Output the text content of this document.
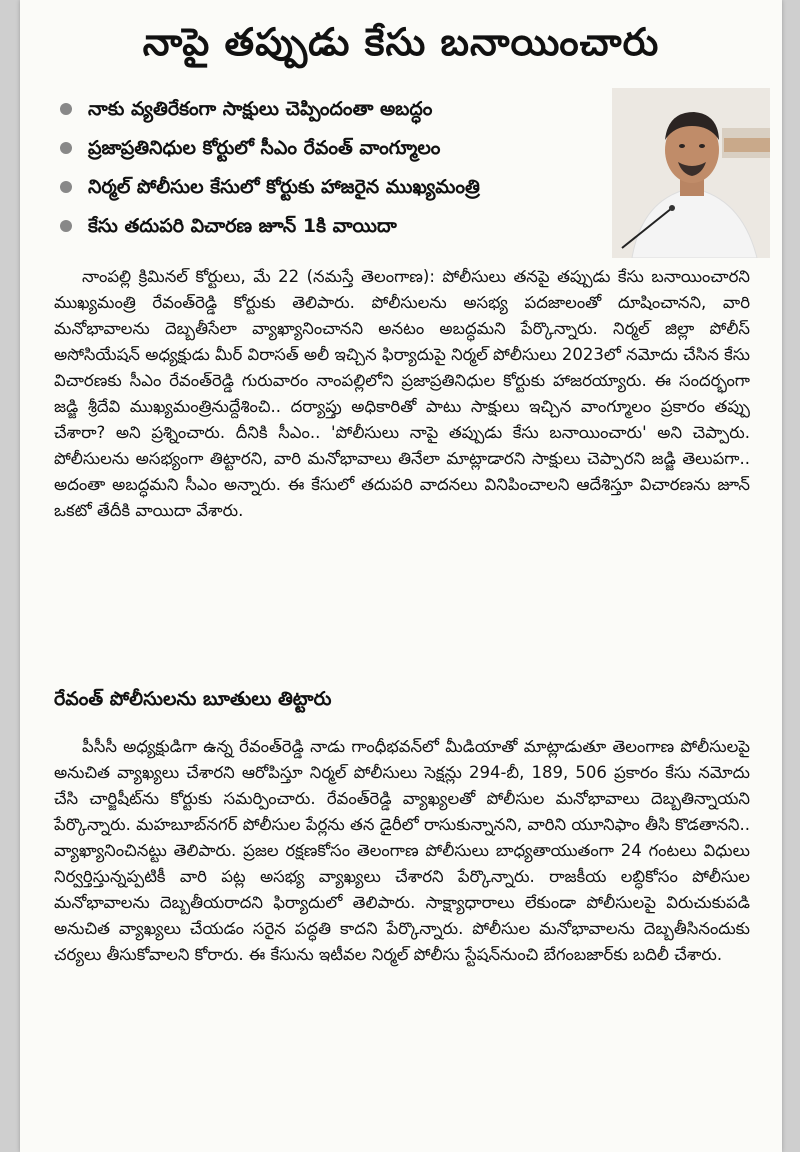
నాపై తప్పుడు కేసు బనాయించారు
నాకు వ్యతిరేకంగా సాక్షులు చెప్పిందంతా అబద్ధం
ప్రజాప్రతినిధుల కోర్టులో సీఎం రేవంత్ వాంగ్మూలం
నిర్మల్ పోలీసుల కేసులో కోర్టుకు హాజరైన ముఖ్యమంత్రి
కేసు తదుపరి విచారణ జూన్ 1కి వాయిదా

నాంపల్లి క్రిమినల్ కోర్టులు, మే 22 (నమస్తే తెలంగాణ): పోలీసులు తనపై తప్పుడు కేసు బనాయించారని ముఖ్యమంత్రి రేవంత్‌రెడ్డి కోర్టుకు తెలిపారు. పోలీసులను అసభ్య పదజాలంతో దూషించానని, వారి మనోభావాలను దెబ్బతీసేలా వ్యాఖ్యానించానని అనటం అబద్ధమని పేర్కొన్నారు. నిర్మల్ జిల్లా పోలీస్ అసోసియేషన్ అధ్యక్షుడు మీర్ విరాసత్ అలీ ఇచ్చిన ఫిర్యాదుపై నిర్మల్ పోలీసులు 2023లో నమోదు చేసిన కేసు విచారణకు సీఎం రేవంత్‌రెడ్డి గురువారం నాంపల్లిలోని ప్రజాప్రతినిధుల కోర్టుకు హాజరయ్యారు. ఈ సందర్భంగా జడ్జి శ్రీదేవి ముఖ్యమంత్రినుద్దేశించి.. దర్యాప్తు అధికారితో పాటు సాక్షులు ఇచ్చిన వాంగ్మూలం ప్రకారం తప్పు చేశారా? అని ప్రశ్నించారు. దీనికి సీఎం.. 'పోలీసులు నాపై తప్పుడు కేసు బనాయించారు' అని చెప్పారు. పోలీసులను అసభ్యంగా తిట్టారని, వారి మనోభావాలు తినేలా మాట్లాడారని సాక్షులు చెప్పారని జడ్జి తెలుపగా.. అదంతా అబద్ధమని సీఎం అన్నారు. ఈ కేసులో తదుపరి వాదనలు వినిపించాలని ఆదేశిస్తూ విచారణను జూన్ ఒకటో తేదీకి వాయిదా వేశారు.

రేవంత్ పోలీసులను బూతులు తిట్టారు

పీసీసీ అధ్యక్షుడిగా ఉన్న రేవంత్‌రెడ్డి నాడు గాంధీభవన్‌లో మీడియాతో మాట్లాడుతూ తెలంగాణ పోలీసులపై అనుచిత వ్యాఖ్యలు చేశారని ఆరోపిస్తూ నిర్మల్ పోలీసులు సెక్షన్లు 294-బీ, 189, 506 ప్రకారం కేసు నమోదు చేసి చార్జిషీట్‌ను కోర్టుకు సమర్పించారు. రేవంత్‌రెడ్డి వ్యాఖ్యలతో పోలీసుల మనోభావాలు దెబ్బతిన్నాయని పేర్కొన్నారు. మహబూబ్‌నగర్ పోలీసుల పేర్లను తన డైరీలో రాసుకున్నానని, వారిని యూనిఫాం తీసి కొడతానని.. వ్యాఖ్యానించినట్టు తెలిపారు. ప్రజల రక్షణకోసం తెలంగాణ పోలీసులు బాధ్యతాయుతంగా 24 గంటలు విధులు నిర్వర్తిస్తున్నప్పటికీ వారి పట్ల అసభ్య వ్యాఖ్యలు చేశారని పేర్కొన్నారు. రాజకీయ లబ్ధికోసం పోలీసుల మనోభావాలను దెబ్బతీయరాదని ఫిర్యాదులో తెలిపారు. సాక్ష్యాధారాలు లేకుండా పోలీసులపై విరుచుకుపడి అనుచిత వ్యాఖ్యలు చేయడం సరైన పద్ధతి కాదని పేర్కొన్నారు. పోలీసుల మనోభావాలను దెబ్బతీసినందుకు చర్యలు తీసుకోవాలని కోరారు. ఈ కేసును ఇటీవల నిర్మల్ పోలీసు స్టేషన్‌నుంచి బేగంబజార్‌కు బదిలీ చేశారు.
